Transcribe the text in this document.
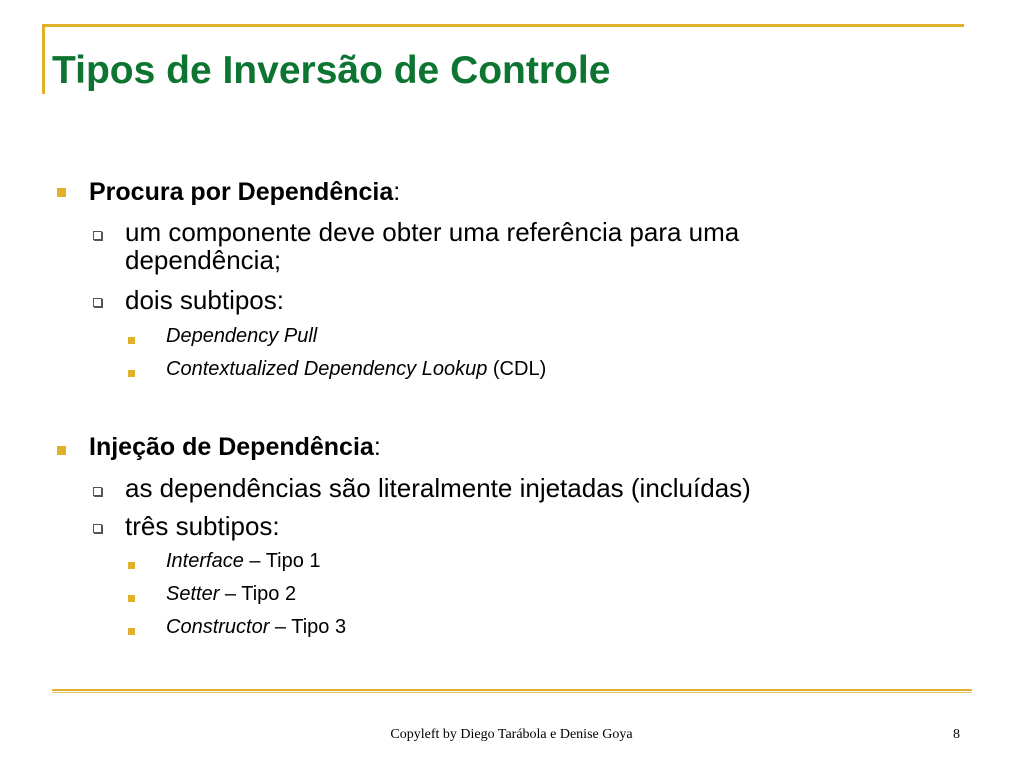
Tipos de Inversão de Controle
Procura por Dependência:
um componente deve obter uma referência para uma
dependência;
dois subtipos:
Dependency Pull
Contextualized Dependency Lookup (CDL)
Injeção de Dependência:
as dependências são literalmente injetadas (incluídas)
três subtipos:
Interface – Tipo 1
Setter – Tipo 2
Constructor – Tipo 3
Copyleft by Diego Tarábola e Denise Goya	8
